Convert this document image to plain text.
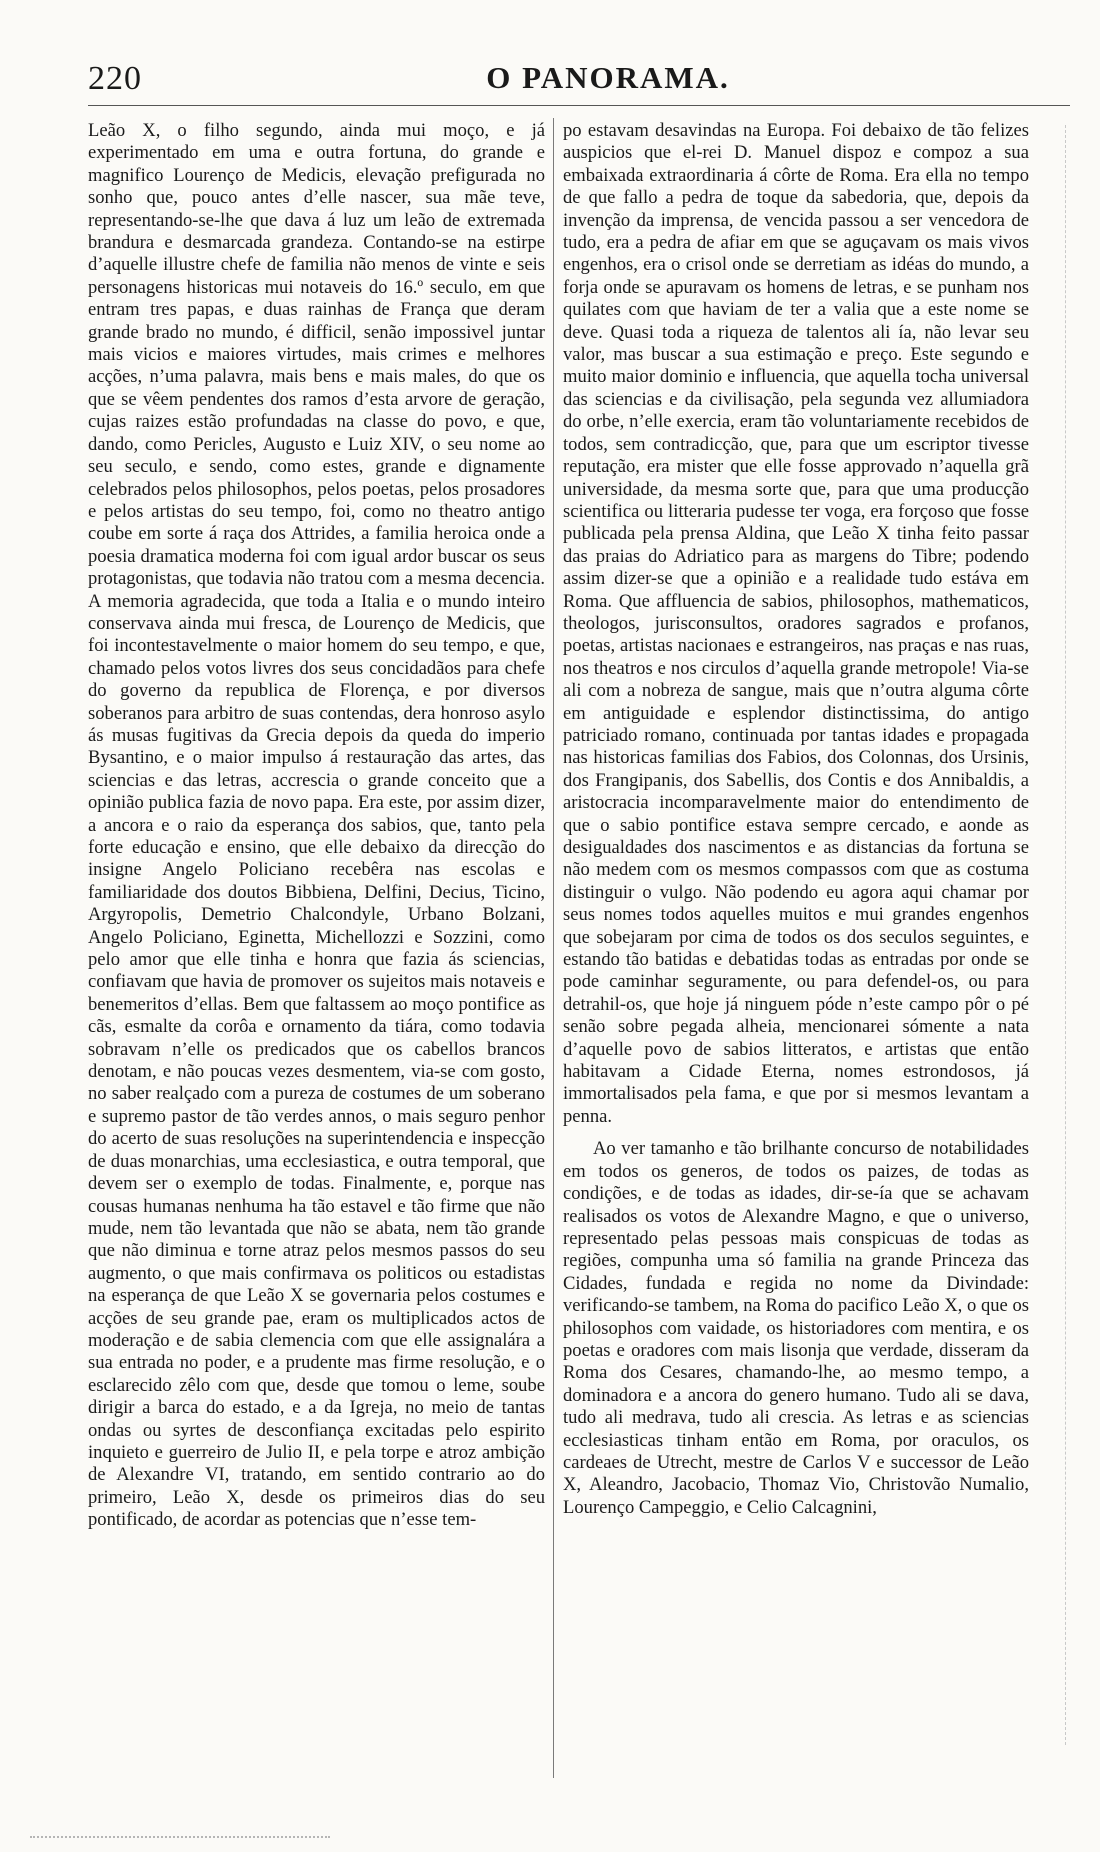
220	O PANORAMA.

Leão X, o filho segundo, ainda mui moço, e já experimentado em uma e outra fortuna, do grande e magnifico Lourenço de Medicis, elevação prefigurada no sonho que, pouco antes d’elle nascer, sua mãe teve, representando-se-lhe que dava á luz um leão de extremada brandura e desmarcada grandeza. Contando-se na estirpe d’aquelle illustre chefe de familia não menos de vinte e seis personagens historicas mui notaveis do 16.º seculo, em que entram tres papas, e duas rainhas de França que deram grande brado no mundo, é difficil, senão impossivel juntar mais vicios e maiores virtudes, mais crimes e melhores acções, n’uma palavra, mais bens e mais males, do que os que se vêem pendentes dos ramos d’esta arvore de geração, cujas raizes estão profundadas na classe do povo, e que, dando, como Pericles, Augusto e Luiz XIV, o seu nome ao seu seculo, e sendo, como estes, grande e dignamente celebrados pelos philosophos, pelos poetas, pelos prosadores e pelos artistas do seu tempo, foi, como no theatro antigo coube em sorte á raça dos Attrides, a familia heroica onde a poesia dramatica moderna foi com igual ardor buscar os seus protagonistas, que todavia não tratou com a mesma decencia. A memoria agradecida, que toda a Italia e o mundo inteiro conservava ainda mui fresca, de Lourenço de Medicis, que foi incontestavelmente o maior homem do seu tempo, e que, chamado pelos votos livres dos seus concidadãos para chefe do governo da republica de Florença, e por diversos soberanos para arbitro de suas contendas, dera honroso asylo ás musas fugitivas da Grecia depois da queda do imperio Bysantino, e o maior impulso á restauração das artes, das sciencias e das letras, accrescia o grande conceito que a opinião publica fazia de novo papa. Era este, por assim dizer, a ancora e o raio da esperança dos sabios, que, tanto pela forte educação e ensino, que elle debaixo da direcção do insigne Angelo Policiano recebêra nas escolas e familiaridade dos doutos Bibbiena, Delfini, Decius, Ticino, Argyropolis, Demetrio Chalcondyle, Urbano Bolzani, Angelo Policiano, Eginetta, Michellozzi e Sozzini, como pelo amor que elle tinha e honra que fazia ás sciencias, confiavam que havia de promover os sujeitos mais notaveis e benemeritos d’ellas. Bem que faltassem ao moço pontifice as cãs, esmalte da corôa e ornamento da tiára, como todavia sobravam n’elle os predicados que os cabellos brancos denotam, e não poucas vezes desmentem, via-se com gosto, no saber realçado com a pureza de costumes de um soberano e supremo pastor de tão verdes annos, o mais seguro penhor do acerto de suas resoluções na superintendencia e inspecção de duas monarchias, uma ecclesiastica, e outra temporal, que devem ser o exemplo de todas. Finalmente, e, porque nas cousas humanas nenhuma ha tão estavel e tão firme que não mude, nem tão levantada que não se abata, nem tão grande que não diminua e torne atraz pelos mesmos passos do seu augmento, o que mais confirmava os politicos ou estadistas na esperança de que Leão X se governaria pelos costumes e acções de seu grande pae, eram os multiplicados actos de moderação e de sabia clemencia com que elle assignalára a sua entrada no poder, e a prudente mas firme resolução, e o esclarecido zêlo com que, desde que tomou o leme, soube dirigir a barca do estado, e a da Igreja, no meio de tantas ondas ou syrtes de desconfiança excitadas pelo espirito inquieto e guerreiro de Julio II, e pela torpe e atroz ambição de Alexandre VI, tratando, em sentido contrario ao do primeiro, Leão X, desde os primeiros dias do seu pontificado, de acordar as potencias que n’esse tem-

po estavam desavindas na Europa. Foi debaixo de tão felizes auspicios que el-rei D. Manuel dispoz e compoz a sua embaixada extraordinaria á côrte de Roma. Era ella no tempo de que fallo a pedra de toque da sabedoria, que, depois da invenção da imprensa, de vencida passou a ser vencedora de tudo, era a pedra de afiar em que se aguçavam os mais vivos engenhos, era o crisol onde se derretiam as idéas do mundo, a forja onde se apuravam os homens de letras, e se punham nos quilates com que haviam de ter a valia que a este nome se deve. Quasi toda a riqueza de talentos ali ía, não levar seu valor, mas buscar a sua estimação e preço. Este segundo e muito maior dominio e influencia, que aquella tocha universal das sciencias e da civilisação, pela segunda vez allumiadora do orbe, n’elle exercia, eram tão voluntariamente recebidos de todos, sem contradicção, que, para que um escriptor tivesse reputação, era mister que elle fosse approvado n’aquella grã universidade, da mesma sorte que, para que uma producção scientifica ou litteraria pudesse ter voga, era forçoso que fosse publicada pela prensa Aldina, que Leão X tinha feito passar das praias do Adriatico para as margens do Tibre; podendo assim dizer-se que a opinião e a realidade tudo estáva em Roma. Que affluencia de sabios, philosophos, mathematicos, theologos, jurisconsultos, oradores sagrados e profanos, poetas, artistas nacionaes e estrangeiros, nas praças e nas ruas, nos theatros e nos circulos d’aquella grande metropole! Via-se ali com a nobreza de sangue, mais que n’outra alguma côrte em antiguidade e esplendor distinctissima, do antigo patriciado romano, continuada por tantas idades e propagada nas historicas familias dos Fabios, dos Colonnas, dos Ursinis, dos Frangipanis, dos Sabellis, dos Contis e dos Annibaldis, a aristocracia incomparavelmente maior do entendimento de que o sabio pontifice estava sempre cercado, e aonde as desigualdades dos nascimentos e as distancias da fortuna se não medem com os mesmos compassos com que as costuma distinguir o vulgo. Não podendo eu agora aqui chamar por seus nomes todos aquelles muitos e mui grandes engenhos que sobejaram por cima de todos os dos seculos seguintes, e estando tão batidas e debatidas todas as entradas por onde se pode caminhar seguramente, ou para defendel-os, ou para detrahil-os, que hoje já ninguem póde n’este campo pôr o pé senão sobre pegada alheia, mencionarei sómente a nata d’aquelle povo de sabios litteratos, e artistas que então habitavam a Cidade Eterna, nomes estrondosos, já immortalisados pela fama, e que por si mesmos levantam a penna.

Ao ver tamanho e tão brilhante concurso de notabilidades em todos os generos, de todos os paizes, de todas as condições, e de todas as idades, dir-se-ía que se achavam realisados os votos de Alexandre Magno, e que o universo, representado pelas pessoas mais conspicuas de todas as regiões, compunha uma só familia na grande Princeza das Cidades, fundada e regida no nome da Divindade: verificando-se tambem, na Roma do pacifico Leão X, o que os philosophos com vaidade, os historiadores com mentira, e os poetas e oradores com mais lisonja que verdade, disseram da Roma dos Cesares, chamando-lhe, ao mesmo tempo, a dominadora e a ancora do genero humano. Tudo ali se dava, tudo ali medrava, tudo ali crescia. As letras e as sciencias ecclesiasticas tinham então em Roma, por oraculos, os cardeaes de Utrecht, mestre de Carlos V e successor de Leão X, Aleandro, Jacobacio, Thomaz Vio, Christovão Numalio, Lourenço Campeggio, e Celio Calcagnini,
